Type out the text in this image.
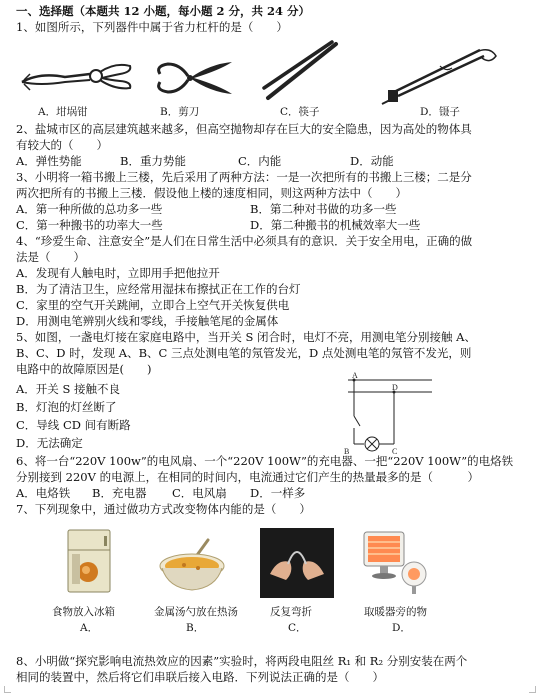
一、选择题（本题共 12 小题，每小题 2 分，共 24 分）
1、如图所示，下列器件中属于省力杠杆的是（　　）
A．坩埚钳	B．剪刀	C．筷子	D．镊子
2、盐城市区的高层建筑越来越多，但高空抛物却存在巨大的安全隐患，因为高处的物体具
有较大的（　　）
A．弹性势能	B．重力势能	C．内能	D．动能
3、小明将一箱书搬上三楼，先后采用了两种方法：一是一次把所有的书搬上三楼；二是分
两次把所有的书搬上三楼．假设他上楼的速度相同，则这两种方法中（　　）
A．第一种所做的总功多一些	B．第二种对书做的功多一些
C．第一种搬书的功率大一些	D．第二种搬书的机械效率大一些
4、“珍爱生命、注意安全”是人们在日常生活中必须具有的意识．关于安全用电，正确的做
法是（　　）
A．发现有人触电时，立即用手把他拉开
B．为了清洁卫生，应经常用湿抹布擦拭正在工作的台灯
C．家里的空气开关跳闸，立即合上空气开关恢复供电
D．用测电笔辨别火线和零线，手接触笔尾的金属体
5、如图，一盏电灯接在家庭电路中，当开关 S 闭合时，电灯不亮，用测电笔分别接触 A、
B、C、D 时，发现 A、B、C 三点处测电笔的氖管发光，D 点处测电笔的氖管不发光，则
电路中的故障原因是(　　)
A．开关 S 接触不良
B．灯泡的灯丝断了
C．导线 CD 间有断路
D．无法确定
A
D
B	C
6、将一台“220V 100w”的电风扇、一个“220V 100W”的充电器、一把“220V 100W”的电烙铁
分别接到 220V 的电源上，在相同的时间内，电流通过它们产生的热量最多的是（　　　）
A．电烙铁 B．充电器 C．电风扇 D．一样多
7、下列现象中，通过做功方式改变物体内能的是（　　）
食物放入冰箱
A．
金属汤勺放在热汤
B．
反复弯折
C．
取暖器旁的物
D．
8、小明做“探究影响电流热效应的因素”实验时，将两段电阻丝 R₁ 和 R₂ 分别安装在两个
相同的装置中，然后将它们串联后接入电路．下列说法正确的是（　　）
